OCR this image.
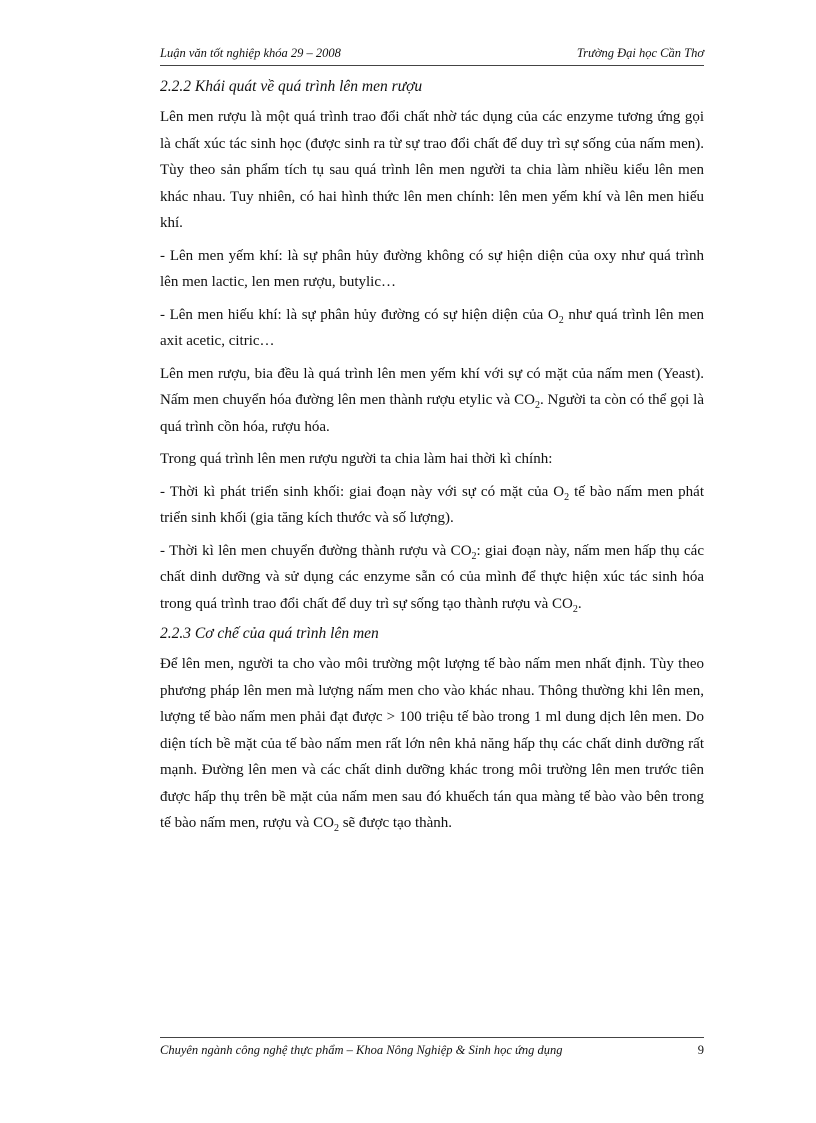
Luận văn tốt nghiệp khóa 29 – 2008	Trường Đại học Cần Thơ

2.2.2 Khái quát về quá trình lên men rượu

Lên men rượu là một quá trình trao đổi chất nhờ tác dụng của các enzyme tương ứng gọi là chất xúc tác sinh học (được sinh ra từ sự trao đổi chất để duy trì sự sống của nấm men). Tùy theo sản phẩm tích tụ sau quá trình lên men người ta chia làm nhiều kiểu lên men khác nhau. Tuy nhiên, có hai hình thức lên men chính: lên men yếm khí và lên men hiếu khí.

- Lên men yếm khí: là sự phân hủy đường không có sự hiện diện của oxy như quá trình lên men lactic, len men rượu, butylic…

- Lên men hiếu khí: là sự phân hủy đường có sự hiện diện của $O_2$ như quá trình lên men axit acetic, citric…

Lên men rượu, bia đều là quá trình lên men yếm khí với sự có mặt của nấm men (Yeast). Nấm men chuyển hóa đường lên men thành rượu etylic và $CO_2$. Người ta còn có thể gọi là quá trình cồn hóa, rượu hóa.

Trong quá trình lên men rượu người ta chia làm hai thời kì chính:

- Thời kì phát triển sinh khối: giai đoạn này với sự có mặt của $O_2$ tế bào nấm men phát triển sinh khối (gia tăng kích thước và số lượng).

- Thời kì lên men chuyển đường thành rượu và $CO_2$: giai đoạn này, nấm men hấp thụ các chất dinh dưỡng và sử dụng các enzyme sẵn có của mình để thực hiện xúc tác sinh hóa trong quá trình trao đổi chất để duy trì sự sống tạo thành rượu và $CO_2$.

2.2.3 Cơ chế của quá trình lên men

Để lên men, người ta cho vào môi trường một lượng tế bào nấm men nhất định. Tùy theo phương pháp lên men mà lượng nấm men cho vào khác nhau. Thông thường khi lên men, lượng tế bào nấm men phải đạt được > 100 triệu tế bào trong 1 ml dung dịch lên men. Do diện tích bề mặt của tế bào nấm men rất lớn nên khả năng hấp thụ các chất dinh dưỡng rất mạnh. Đường lên men và các chất dinh dưỡng khác trong môi trường lên men trước tiên được hấp thụ trên bề mặt của nấm men sau đó khuếch tán qua màng tế bào vào bên trong tế bào nấm men, rượu và $CO_2$ sẽ được tạo thành.

Chuyên ngành công nghệ thực phẩm – Khoa Nông Nghiệp & Sinh học ứng dụng	9
